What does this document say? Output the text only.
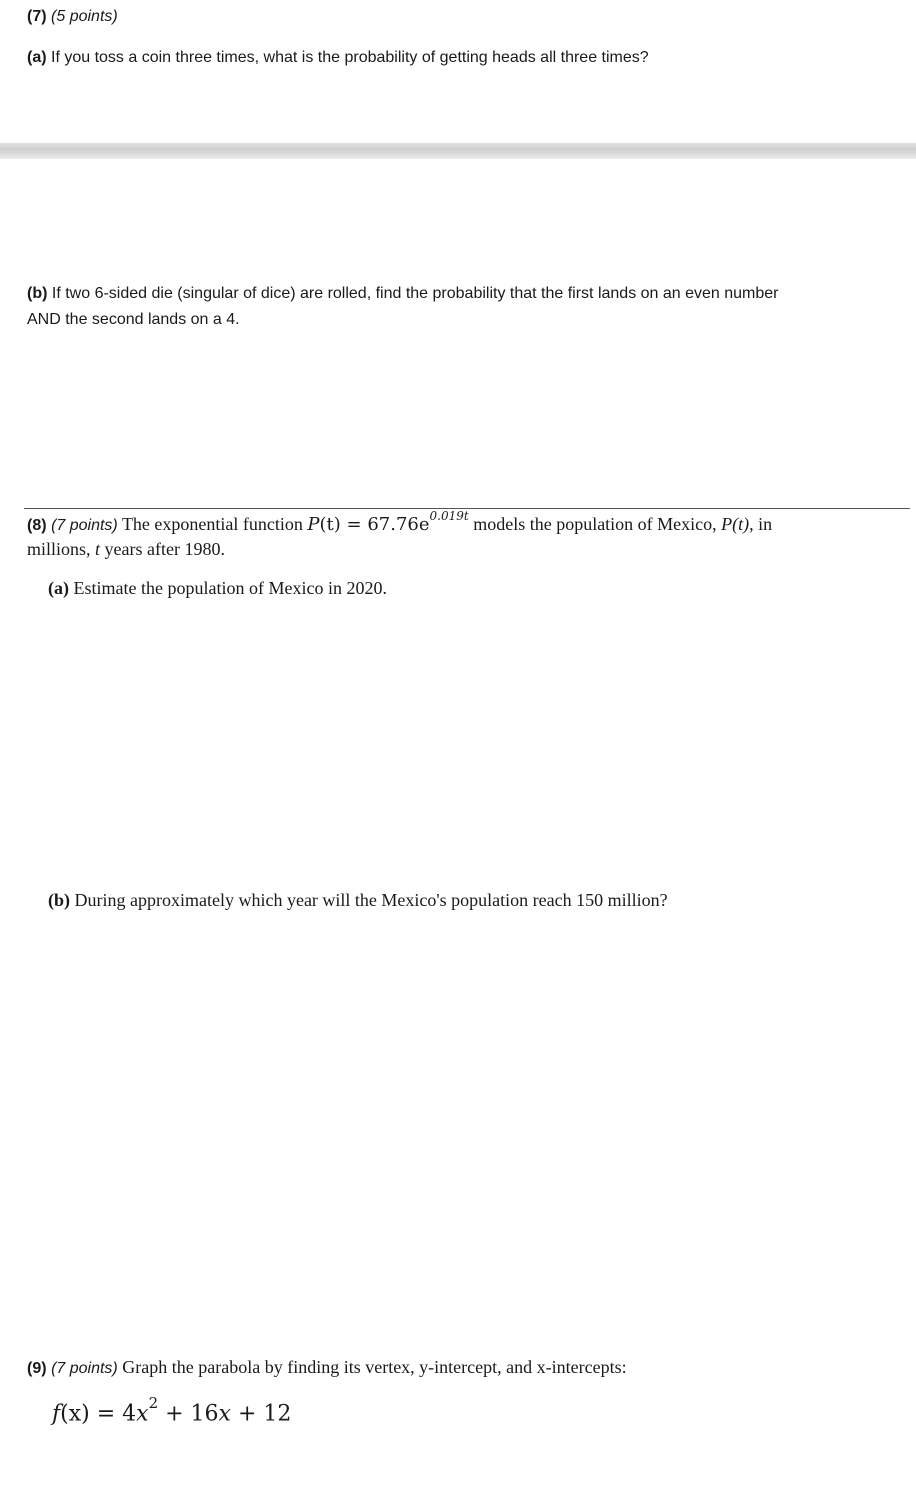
(7) (5 points)
(a) If you toss a coin three times, what is the probability of getting heads all three times?
(b) If two 6-sided die (singular of dice) are rolled, find the probability that the first lands on an even number
AND the second lands on a 4.
(8) (7 points) The exponential function $P(t) = 67.76e^{0.019t}$ models the population of Mexico, P(t), in
millions, t years after 1980.
(a) Estimate the population of Mexico in 2020.
(b) During approximately which year will the Mexico's population reach 150 million?
(9) (7 points) Graph the parabola by finding its vertex, y-intercept, and x-intercepts:
$f(x) = 4x^2 + 16x + 12$
